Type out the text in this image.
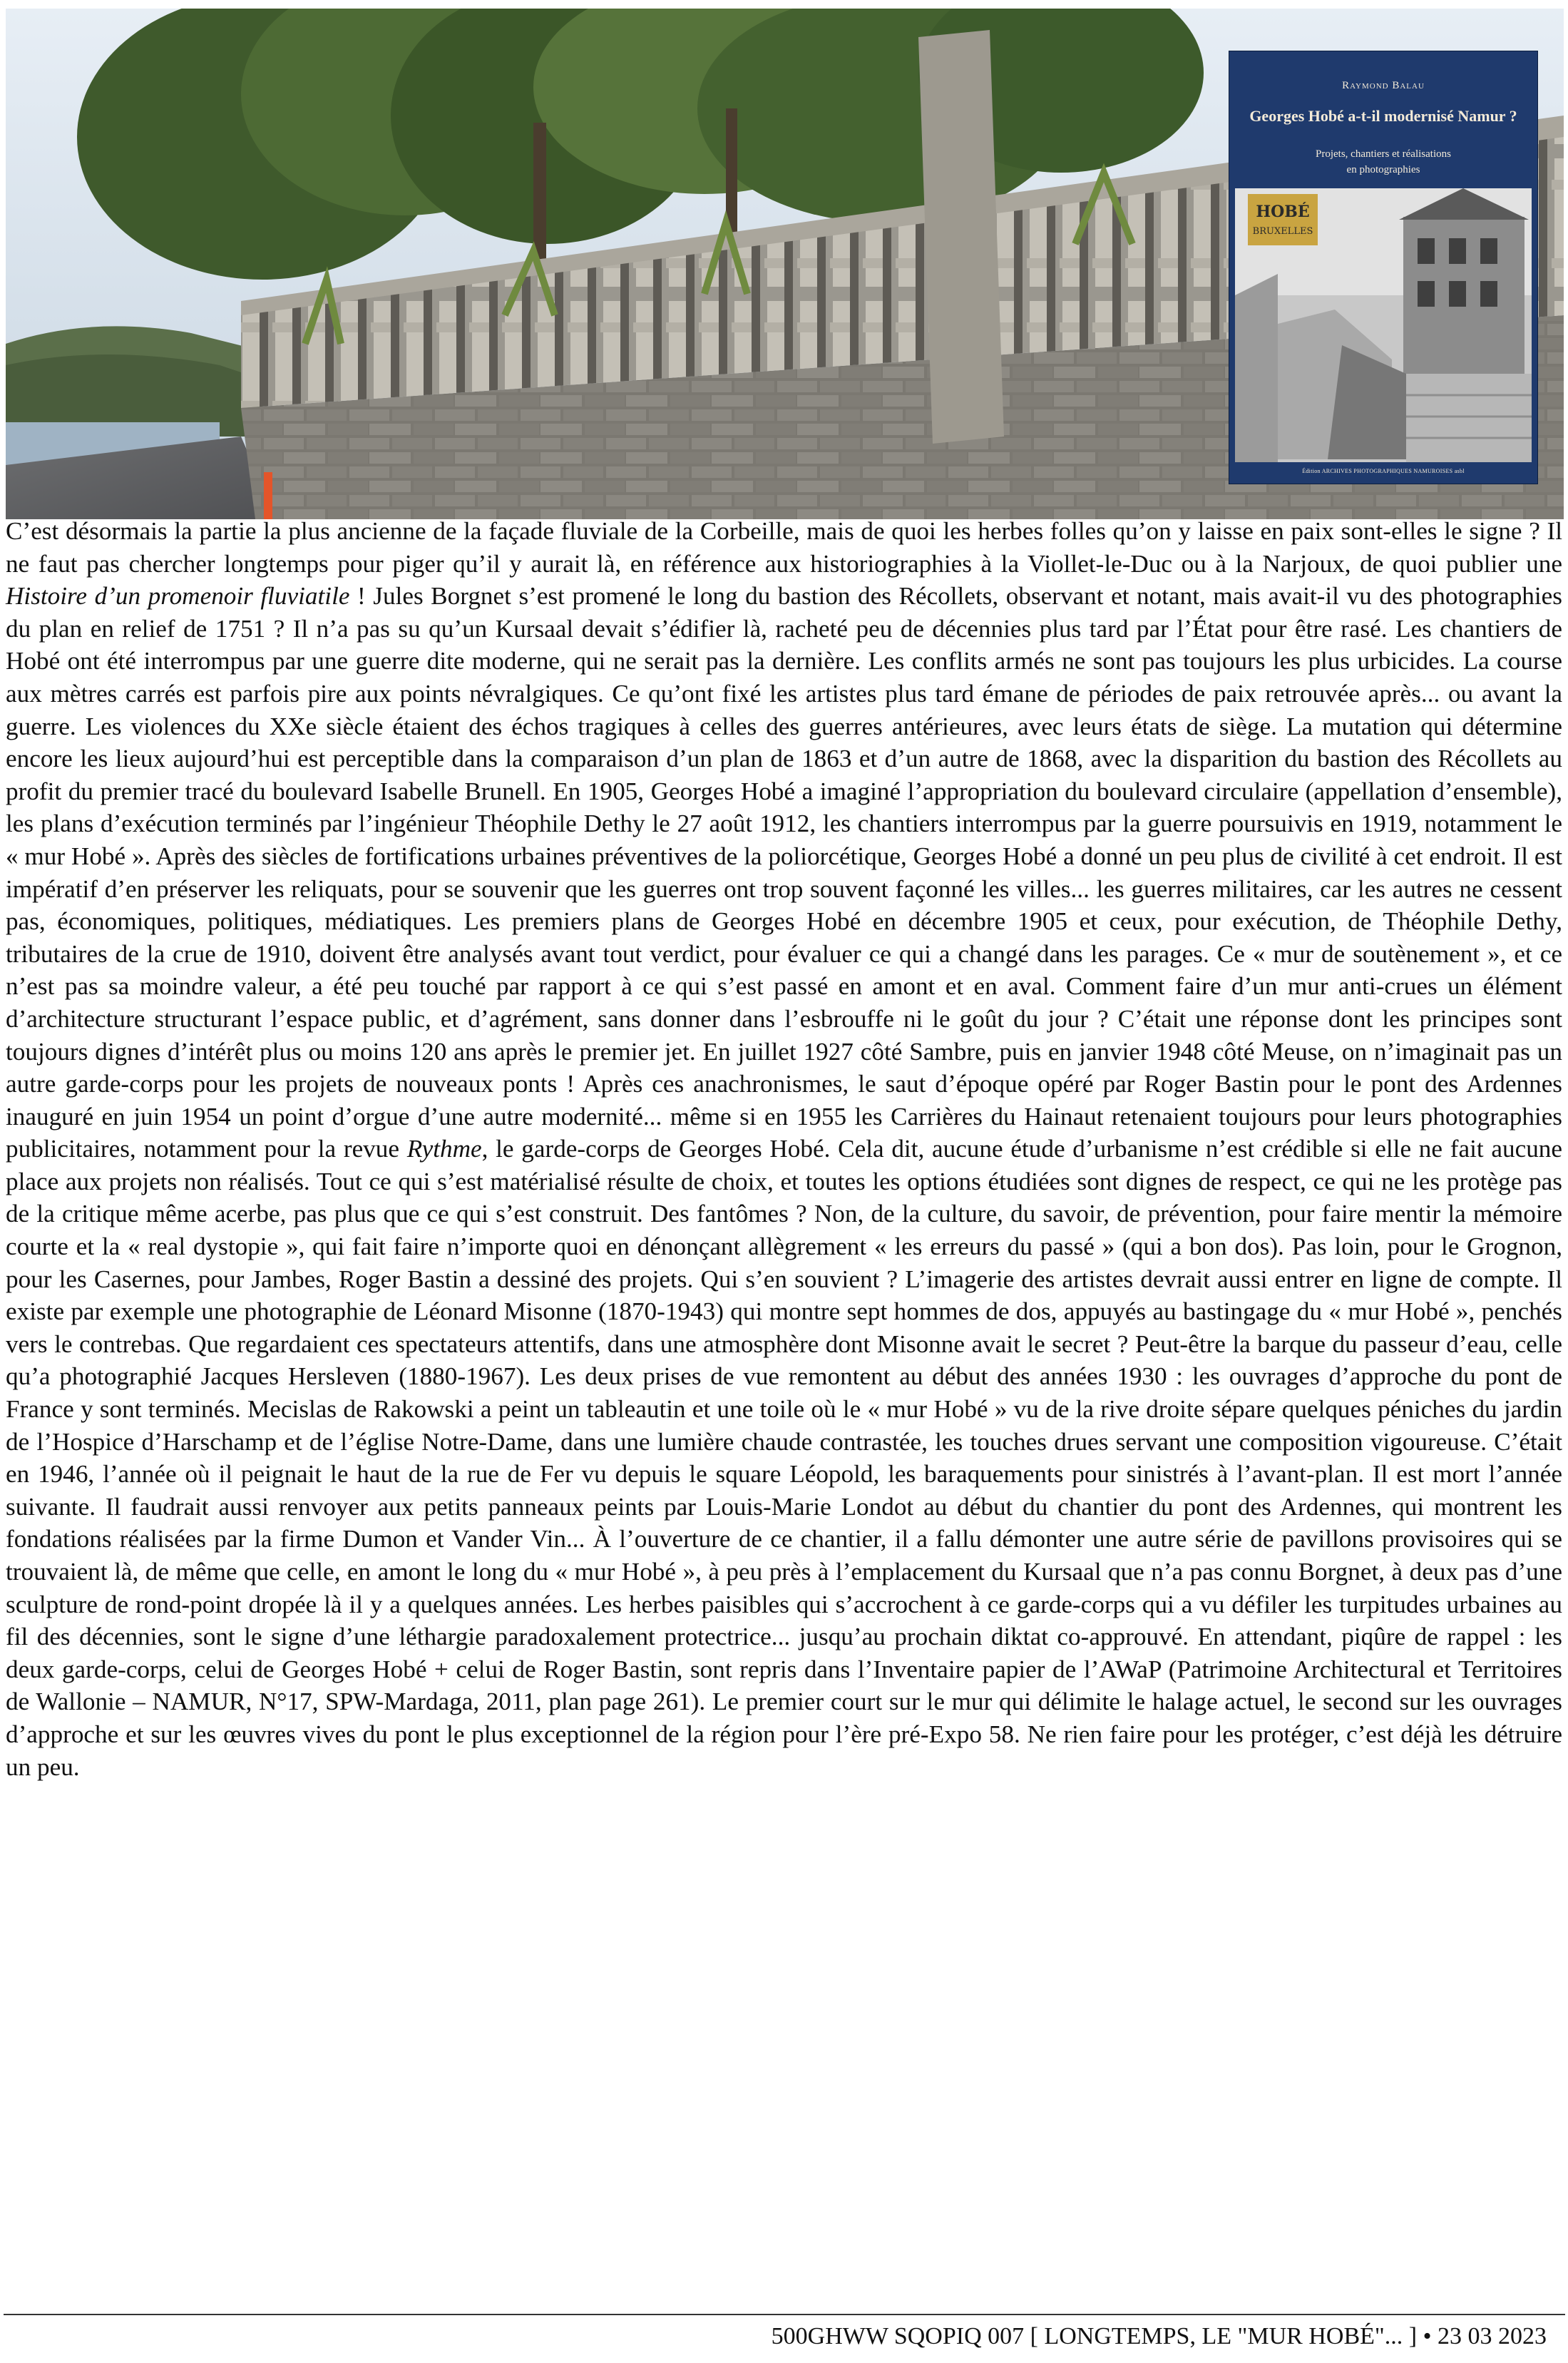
Raymond Balau
Georges Hobé a-t-il modernisé Namur ?
Projets, chantiers et réalisations
en photographies
HOBÉ
BRUXELLES
Édition ARCHIVES PHOTOGRAPHIQUES NAMUROISES asbl
C’est désormais la partie la plus ancienne de la façade fluviale de la Corbeille, mais de quoi les herbes folles qu’on y laisse en paix sont-elles le signe ? Il ne faut pas chercher longtemps pour piger qu’il y aurait là, en référence aux historiographies à la Viollet-le-Duc ou à la Narjoux, de quoi publier une Histoire d’un promenoir fluviatile ! Jules Borgnet s’est promené le long du bastion des Récollets, observant et notant, mais avait-il vu des photographies du plan en relief de 1751 ? Il n’a pas su qu’un Kursaal devait s’édifier là, racheté peu de décennies plus tard par l’État pour être rasé. Les chantiers de Hobé ont été interrompus par une guerre dite moderne, qui ne serait pas la dernière. Les conflits armés ne sont pas toujours les plus urbicides. La course aux mètres carrés est parfois pire aux points névralgiques. Ce qu’ont fixé les artistes plus tard émane de périodes de paix retrouvée après... ou avant la guerre. Les violences du XXe siècle étaient des échos tragiques à celles des guerres antérieures, avec leurs états de siège. La mutation qui détermine encore les lieux aujourd’hui est perceptible dans la comparaison d’un plan de 1863 et d’un autre de 1868, avec la disparition du bastion des Récollets au profit du premier tracé du boulevard Isabelle Brunell. En 1905, Georges Hobé a imaginé l’appropriation du boulevard circulaire (appellation d’ensemble), les plans d’exécution terminés par l’ingénieur Théophile Dethy le 27 août 1912, les chantiers interrompus par la guerre poursuivis en 1919, notamment le « mur Hobé ». Après des siècles de fortifications urbaines préventives de la poliorcétique, Georges Hobé a donné un peu plus de civilité à cet endroit. Il est impératif d’en préserver les reliquats, pour se souvenir que les guerres ont trop souvent façonné les villes... les guerres militaires, car les autres ne cessent pas, économiques, politiques, médiatiques. Les premiers plans de Georges Hobé en décembre 1905 et ceux, pour exécution, de Théophile Dethy, tributaires de la crue de 1910, doivent être analysés avant tout verdict, pour évaluer ce qui a changé dans les parages. Ce « mur de soutènement », et ce n’est pas sa moindre valeur, a été peu touché par rapport à ce qui s’est passé en amont et en aval. Comment faire d’un mur anti-crues un élément d’architecture structurant l’espace public, et d’agrément, sans donner dans l’esbrouffe ni le goût du jour ? C’était une réponse dont les principes sont toujours dignes d’intérêt plus ou moins 120 ans après le premier jet. En juillet 1927 côté Sambre, puis en janvier 1948 côté Meuse, on n’imaginait pas un autre garde-corps pour les projets de nouveaux ponts ! Après ces anachronismes, le saut d’époque opéré par Roger Bastin pour le pont des Ardennes inauguré en juin 1954 un point d’orgue d’une autre modernité... même si en 1955 les Carrières du Hainaut retenaient toujours pour leurs photographies publicitaires, notamment pour la revue Rythme, le garde-corps de Georges Hobé. Cela dit, aucune étude d’urbanisme n’est crédible si elle ne fait aucune place aux projets non réalisés. Tout ce qui s’est matérialisé résulte de choix, et toutes les options étudiées sont dignes de respect, ce qui ne les protège pas de la critique même acerbe, pas plus que ce qui s’est construit. Des fantômes ? Non, de la culture, du savoir, de prévention, pour faire mentir la mémoire courte et la « real dystopie », qui fait faire n’importe quoi en dénonçant allègrement « les erreurs du passé » (qui a bon dos). Pas loin, pour le Grognon, pour les Casernes, pour Jambes, Roger Bastin a dessiné des projets. Qui s’en souvient ? L’imagerie des artistes devrait aussi entrer en ligne de compte. Il existe par exemple une photographie de Léonard Misonne (1870-1943) qui montre sept hommes de dos, appuyés au bastingage du « mur Hobé », penchés vers le contrebas. Que regardaient ces spectateurs attentifs, dans une atmosphère dont Misonne avait le secret ? Peut-être la barque du passeur d’eau, celle qu’a photographié Jacques Hersleven (1880-1967). Les deux prises de vue remontent au début des années 1930 : les ouvrages d’approche du pont de France y sont terminés. Mecislas de Rakowski a peint un tableautin et une toile où le « mur Hobé » vu de la rive droite sépare quelques péniches du jardin de l’Hospice d’Harschamp et de l’église Notre-Dame, dans une lumière chaude contrastée, les touches drues servant une composition vigoureuse. C’était en 1946, l’année où il peignait le haut de la rue de Fer vu depuis le square Léopold, les baraquements pour sinistrés à l’avant-plan. Il est mort l’année suivante. Il faudrait aussi renvoyer aux petits panneaux peints par Louis-Marie Londot au début du chantier du pont des Ardennes, qui montrent les fondations réalisées par la firme Dumon et Vander Vin... À l’ouverture de ce chantier, il a fallu démonter une autre série de pavillons provisoires qui se trouvaient là, de même que celle, en amont le long du « mur Hobé », à peu près à l’emplacement du Kursaal que n’a pas connu Borgnet, à deux pas d’une sculpture de rond-point dropée là il y a quelques années. Les herbes paisibles qui s’accrochent à ce garde-corps qui a vu défiler les turpitudes urbaines au fil des décennies, sont le signe d’une léthargie paradoxalement protectrice... jusqu’au prochain diktat co-approuvé. En attendant, piqûre de rappel : les deux garde-corps, celui de Georges Hobé + celui de Roger Bastin, sont repris dans l’Inventaire papier de l’AWaP (Patrimoine Architectural et Territoires de Wallonie – NAMUR, N°17, SPW-Mardaga, 2011, plan page 261). Le premier court sur le mur qui délimite le halage actuel, le second sur les ouvrages d’approche et sur les œuvres vives du pont le plus exceptionnel de la région pour l’ère pré-Expo 58. Ne rien faire pour les protéger, c’est déjà les détruire un peu.
500GHWW SQOPIQ 007 [ LONGTEMPS, LE "MUR HOBÉ"... ] • 23 03 2023
